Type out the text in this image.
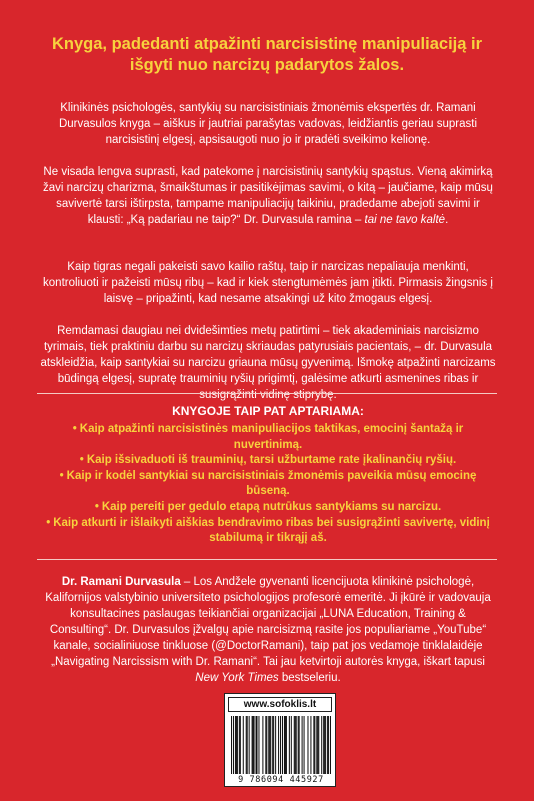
Knyga, padedanti atpažinti narcisistinę manipuliaciją ir išgyti nuo narcizų padarytos žalos.

Klinikinės psichologės, santykių su narcisistiniais žmonėmis ekspertės dr. Ramani Durvasulos knyga – aiškus ir jautriai parašytas vadovas, leidžiantis geriau suprasti narcisistinį elgesį, apsisaugoti nuo jo ir pradėti sveikimo kelionę.

Ne visada lengva suprasti, kad patekome į narcisistinių santykių spąstus. Vieną akimirką žavi narcizų charizma, šmaikštumas ir pasitikėjimas savimi, o kitą – jaučiame, kaip mūsų savivertė tarsi ištirpsta, tampame manipuliacijų taikiniu, pradedame abejoti savimi ir klausti: „Ką padariau ne taip?“ Dr. Durvasula ramina – tai ne tavo kaltė.

Kaip tigras negali pakeisti savo kailio raštų, taip ir narcizas nepaliauja menkinti, kontroliuoti ir pažeisti mūsų ribų – kad ir kiek stengtumėmės jam įtikti. Pirmasis žingsnis į laisvę – pripažinti, kad nesame atsakingi už kito žmogaus elgesį.

Remdamasi daugiau nei dvidešimties metų patirtimi – tiek akademiniais narcisizmo tyrimais, tiek praktiniu darbu su narcizų skriaudas patyrusiais pacientais, – dr. Durvasula atskleidžia, kaip santykiai su narcizu griauna mūsų gyvenimą. Išmokę atpažinti narcizams būdingą elgesį, supratę trauminių ryšių prigimtį, galėsime atkurti asmenines ribas ir susigrąžinti vidinę stiprybę.

KNYGOJE TAIP PAT APTARIAMA:
• Kaip atpažinti narcisistinės manipuliacijos taktikas, emocinį šantažą ir nuvertinimą.
• Kaip išsivaduoti iš trauminių, tarsi užburtame rate įkalinančių ryšių.
• Kaip ir kodėl santykiai su narcisistiniais žmonėmis paveikia mūsų emocinę būseną.
• Kaip pereiti per gedulo etapą nutrūkus santykiams su narcizu.
• Kaip atkurti ir išlaikyti aiškias bendravimo ribas bei susigrąžinti savivertę, vidinį stabilumą ir tikrąjį aš.

Dr. Ramani Durvasula – Los Andžele gyvenanti licencijuota klinikinė psichologė, Kalifornijos valstybinio universiteto psichologijos profesorė emeritė. Ji įkūrė ir vadovauja konsultacines paslaugas teikiančiai organizacijai „LUNA Education, Training & Consulting“. Dr. Durvasulos įžvalgų apie narcisizmą rasite jos populiariame „YouTube“ kanale, socialiniuose tinkluose (@DoctorRamani), taip pat jos vedamoje tinklalaidėje „Navigating Narcissism with Dr. Ramani“. Tai jau ketvirtoji autorės knyga, iškart tapusi New York Times bestseleriu.

www.sofoklis.lt
9 786094 445927
